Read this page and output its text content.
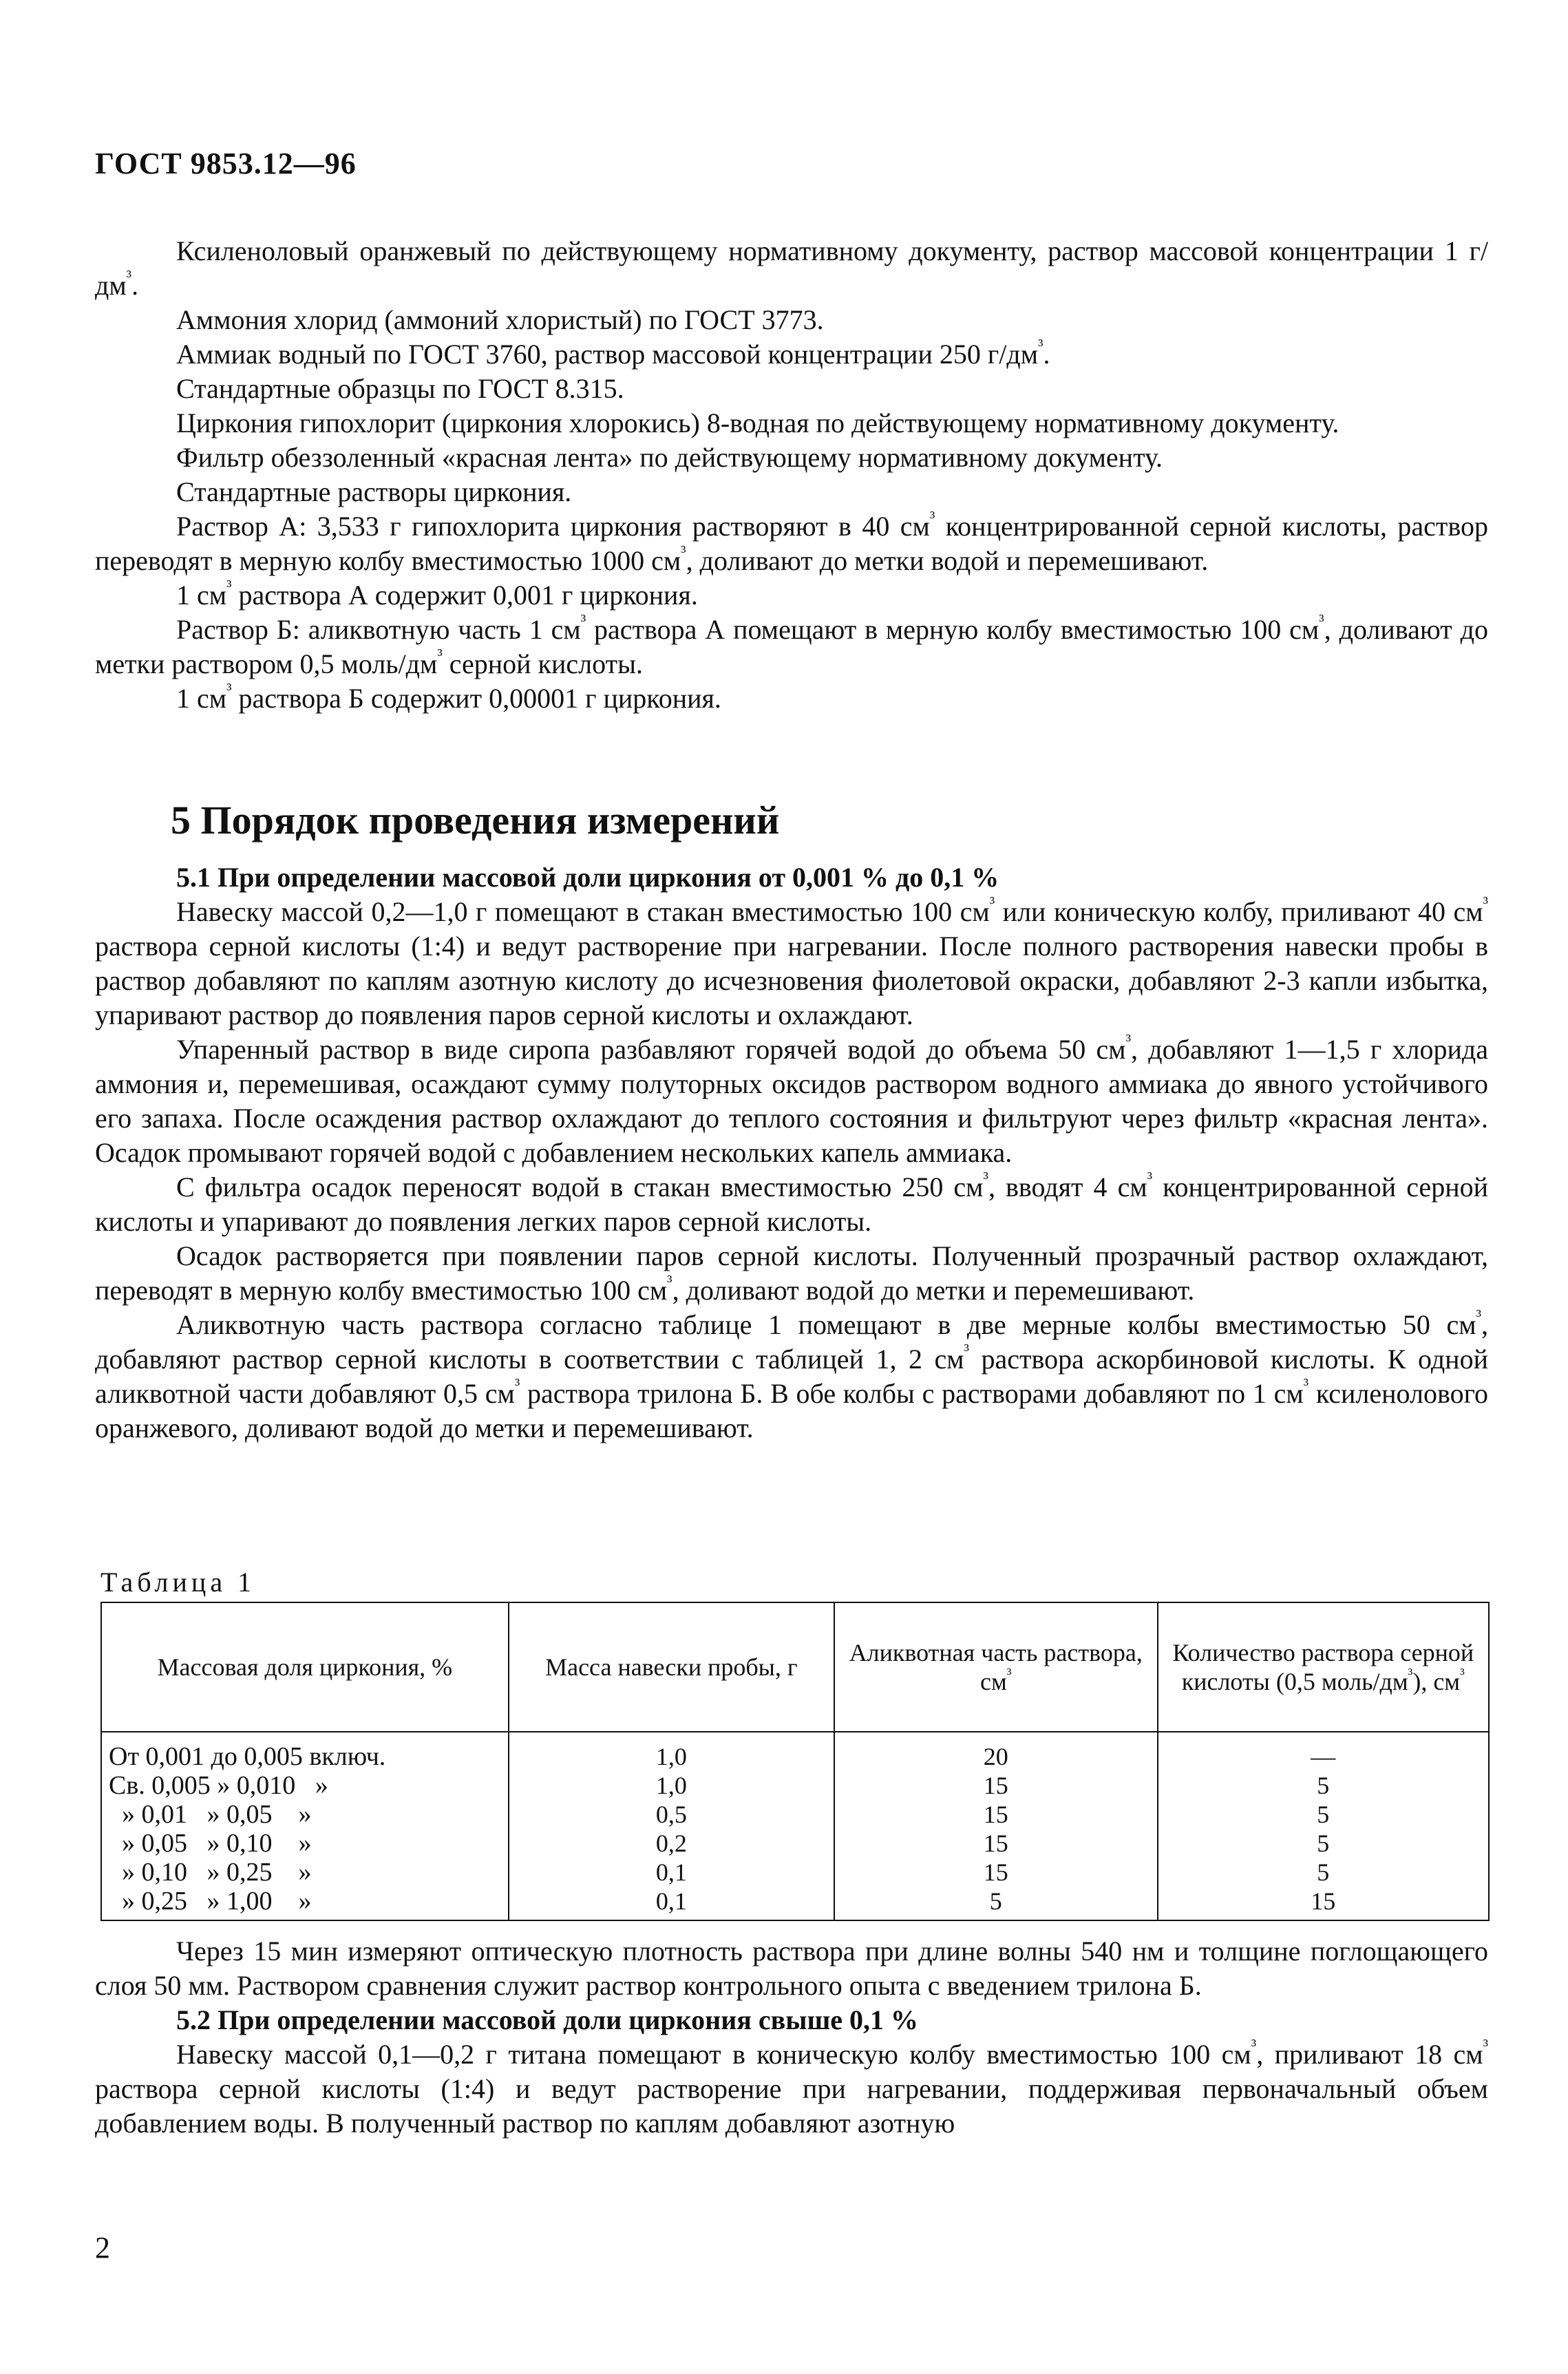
ГОСТ 9853.12—96

Ксиленоловый оранжевый по действующему нормативному документу, раствор массовой концентрации 1 $г/дм^{^3}$.

Аммония хлорид (аммоний хлористый) по ГОСТ 3773.

Аммиак водный по ГОСТ 3760, раствор массовой концентрации 250 $г/дм^{^3}$.

Стандартные образцы по ГОСТ 8.315.

Циркония гипохлорит (циркония хлорокись) 8-водная по действующему нормативному документу.

Фильтр обеззоленный «красная лента» по действующему нормативному документу.

Стандартные растворы циркония.

Раствор А: 3,533 г гипохлорита циркония растворяют в 40 $см^{^3}$ концентрированной серной кислоты, раствор переводят в мерную колбу вместимостью 1000 $см^{^3}$, доливают до метки водой и перемешивают.

1 $см^{^3}$ раствора А содержит 0,001 г циркония.

Раствор Б: аликвотную часть 1 $см^{^3}$ раствора А помещают в мерную колбу вместимостью 100 $см^{^3}$, доливают до метки раствором 0,5 моль/$дм^{^3}$ серной кислоты.

1 $см^{^3}$ раствора Б содержит 0,00001 г циркония.

5 Порядок проведения измерений

5.1 При определении массовой доли циркония от 0,001 % до 0,1 %

Навеску массой 0,2—1,0 г помещают в стакан вместимостью 100 $см^{^3}$ или коническую колбу, приливают 40 $см^{^3}$ раствора серной кислоты (1:4) и ведут растворение при нагревании. После полного растворения навески пробы в раствор добавляют по каплям азотную кислоту до исчезновения фиолетовой окраски, добавляют 2-3 капли избытка, упаривают раствор до появления паров серной кислоты и охлаждают.

Упаренный раствор в виде сиропа разбавляют горячей водой до объема 50 $см^{^3}$, добавляют 1—1,5 г хлорида аммония и, перемешивая, осаждают сумму полуторных оксидов раствором водного аммиака до явного устойчивого его запаха. После осаждения раствор охлаждают до теплого состояния и фильтруют через фильтр «красная лента». Осадок промывают горячей водой с добавлением нескольких капель аммиака.

С фильтра осадок переносят водой в стакан вместимостью 250 $см^{^3}$, вводят 4 $см^{^3}$ концентрированной серной кислоты и упаривают до появления легких паров серной кислоты.

Осадок растворяется при появлении паров серной кислоты. Полученный прозрачный раствор охлаждают, переводят в мерную колбу вместимостью 100 $см^{^3}$, доливают водой до метки и перемешивают.

Аликвотную часть раствора согласно таблице 1 помещают в две мерные колбы вместимостью 50 $см^{^3}$, добавляют раствор серной кислоты в соответствии с таблицей 1, 2 $см^{^3}$ раствора аскорбиновой кислоты. К одной аликвотной части добавляют 0,5 $см^{^3}$ раствора трилона Б. В обе колбы с растворами добавляют по 1 $см^{^3}$ ксиленолового оранжевого, доливают водой до метки и перемешивают.

Таблица 1
Массовая доля циркония, %	Масса навески пробы, г	Аликвотная часть раствора, $см^{^3}$	Количество раствора серной кислоты (0,5 моль/$дм^{^3}$), $см^{^3}$
От 0,001 до 0,005 включ.	1,0	20	—
Св. 0,005 » 0,010   »	1,0	15	5
» 0,01   » 0,05    »	0,5	15	5
» 0,05   » 0,10    »	0,2	15	5
» 0,10   » 0,25    »	0,1	15	5
» 0,25   » 1,00    »	0,1	5	15

Через 15 мин измеряют оптическую плотность раствора при длине волны 540 нм и толщине поглощающего слоя 50 мм. Раствором сравнения служит раствор контрольного опыта с введением трилона Б.

5.2 При определении массовой доли циркония свыше 0,1 %

Навеску массой 0,1—0,2 г титана помещают в коническую колбу вместимостью 100 $см^{^3}$, приливают 18 $см^{^3}$ раствора серной кислоты (1:4) и ведут растворение при нагревании, поддерживая первоначальный объем добавлением воды. В полученный раствор по каплям добавляют азотную

2
